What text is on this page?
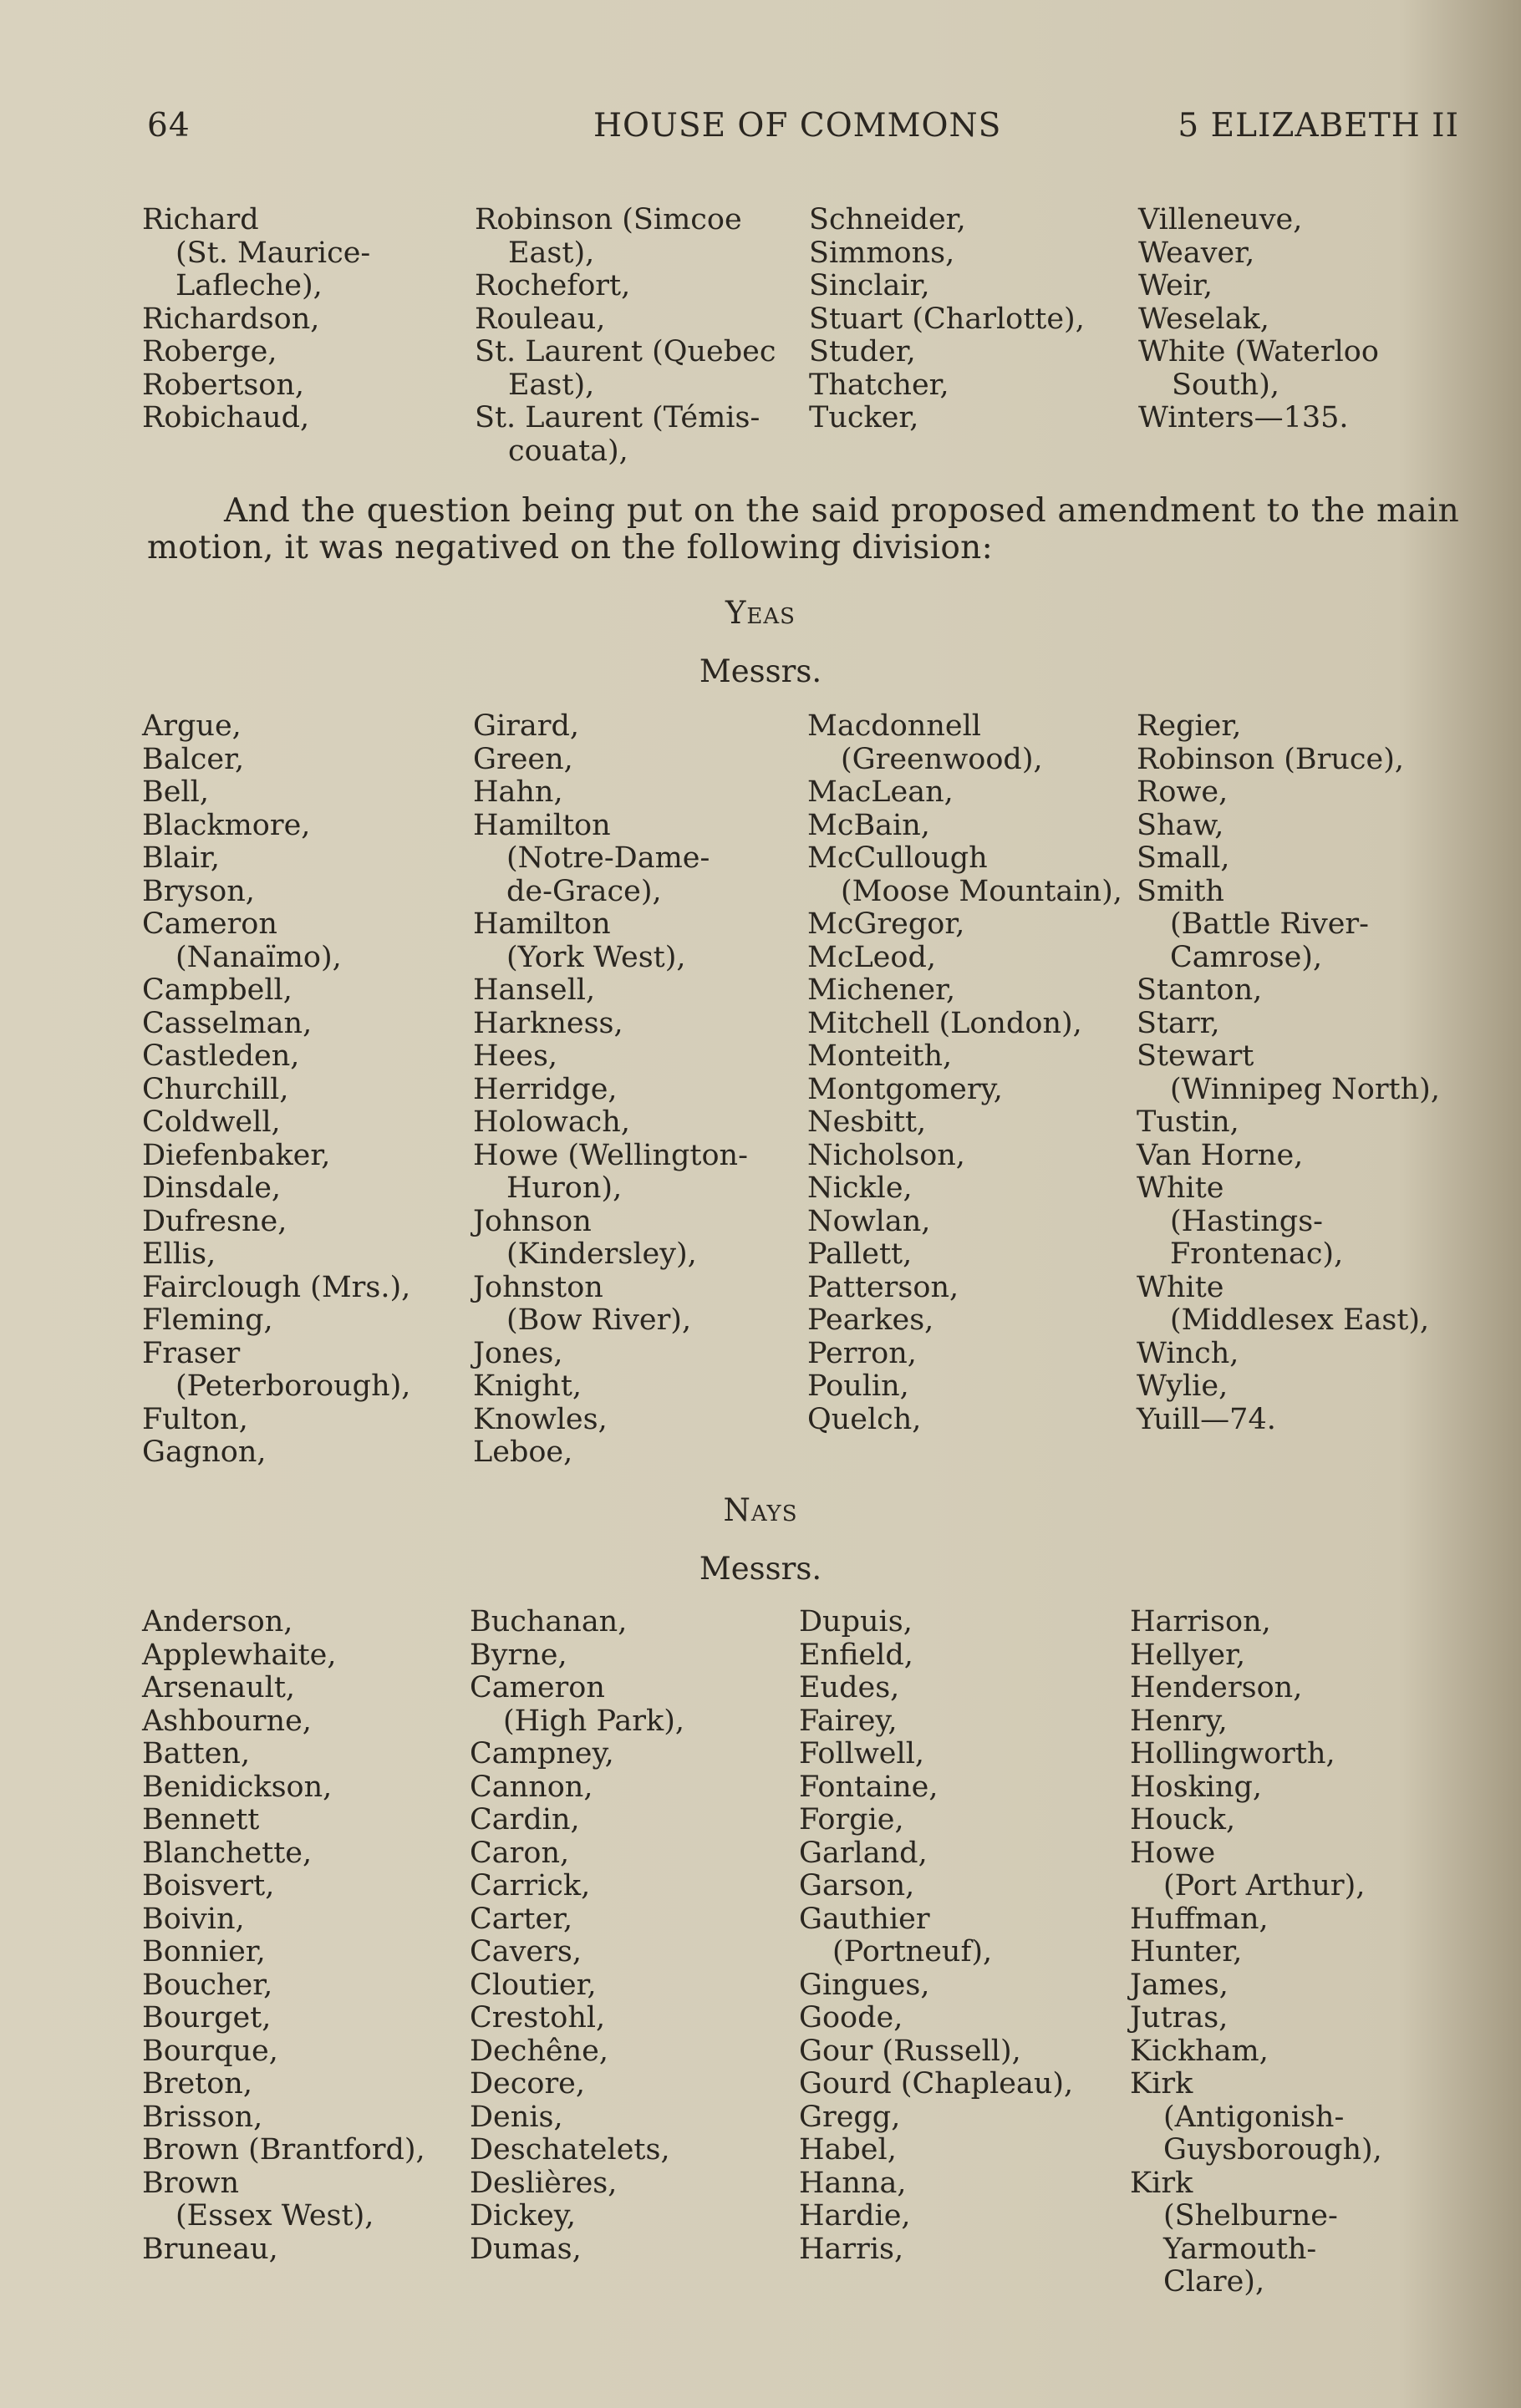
64	HOUSE OF COMMONS	5 ELIZABETH II
Richard
(St. Maurice-
Lafleche),
Richardson,
Roberge,
Robertson,
Robichaud,
Robinson (Simcoe
East),
Rochefort,
Rouleau,
St. Laurent (Quebec
East),
St. Laurent (Témis-
couata),
Schneider,
Simmons,
Sinclair,
Stuart (Charlotte),
Studer,
Thatcher,
Tucker,
Villeneuve,
Weaver,
Weir,
Weselak,
White (Waterloo
South),
Winters—135.

And the question being put on the said proposed amendment to the main motion, it was negatived on the following division:

Yeas
Messrs.
Argue,
Balcer,
Bell,
Blackmore,
Blair,
Bryson,
Cameron
(Nanaïmo),
Campbell,
Casselman,
Castleden,
Churchill,
Coldwell,
Diefenbaker,
Dinsdale,
Dufresne,
Ellis,
Fairclough (Mrs.),
Fleming,
Fraser
(Peterborough),
Fulton,
Gagnon,
Girard,
Green,
Hahn,
Hamilton
(Notre-Dame-
de-Grace),
Hamilton
(York West),
Hansell,
Harkness,
Hees,
Herridge,
Holowach,
Howe (Wellington-
Huron),
Johnson
(Kindersley),
Johnston
(Bow River),
Jones,
Knight,
Knowles,
Leboe,
Macdonnell
(Greenwood),
MacLean,
McBain,
McCullough
(Moose Mountain),
McGregor,
McLeod,
Michener,
Mitchell (London),
Monteith,
Montgomery,
Nesbitt,
Nicholson,
Nickle,
Nowlan,
Pallett,
Patterson,
Pearkes,
Perron,
Poulin,
Quelch,
Regier,
Robinson (Bruce),
Rowe,
Shaw,
Small,
Smith
(Battle River-
Camrose),
Stanton,
Starr,
Stewart
(Winnipeg North),
Tustin,
Van Horne,
White
(Hastings-
Frontenac),
White
(Middlesex East),
Winch,
Wylie,
Yuill—74.
Nays
Messrs.
Anderson,
Applewhaite,
Arsenault,
Ashbourne,
Batten,
Benidickson,
Bennett
Blanchette,
Boisvert,
Boivin,
Bonnier,
Boucher,
Bourget,
Bourque,
Breton,
Brisson,
Brown (Brantford),
Brown
(Essex West),
Bruneau,
Buchanan,
Byrne,
Cameron
(High Park),
Campney,
Cannon,
Cardin,
Caron,
Carrick,
Carter,
Cavers,
Cloutier,
Crestohl,
Dechêne,
Decore,
Denis,
Deschatelets,
Deslières,
Dickey,
Dumas,
Dupuis,
Enfield,
Eudes,
Fairey,
Follwell,
Fontaine,
Forgie,
Garland,
Garson,
Gauthier
(Portneuf),
Gingues,
Goode,
Gour (Russell),
Gourd (Chapleau),
Gregg,
Habel,
Hanna,
Hardie,
Harris,
Harrison,
Hellyer,
Henderson,
Henry,
Hollingworth,
Hosking,
Houck,
Howe
(Port Arthur),
Huffman,
Hunter,
James,
Jutras,
Kickham,
Kirk
(Antigonish-
Guysborough),
Kirk
(Shelburne-
Yarmouth-
Clare),
